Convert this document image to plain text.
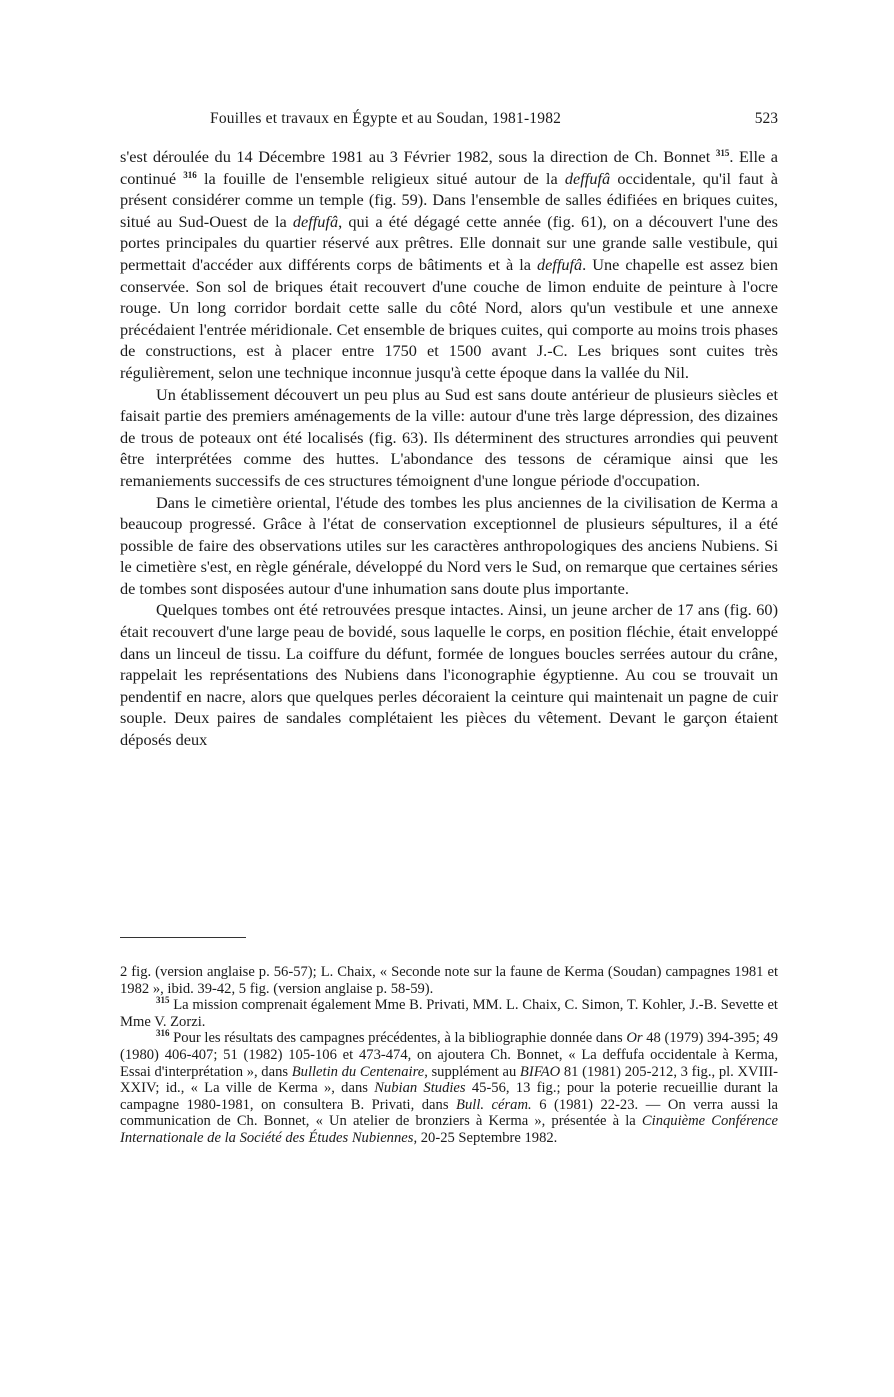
Fouilles et travaux en Égypte et au Soudan, 1981-1982	523

s'est déroulée du 14 Décembre 1981 au 3 Février 1982, sous la direction de Ch. Bonnet $^{315}$. Elle a continué $^{316}$ la fouille de l'ensemble religieux situé autour de la deffufâ occidentale, qu'il faut à présent considérer comme un temple (fig. 59). Dans l'ensemble de salles édifiées en briques cuites, situé au Sud-Ouest de la deffufâ, qui a été dégagé cette année (fig. 61), on a découvert l'une des portes principales du quartier réservé aux prêtres. Elle donnait sur une grande salle vestibule, qui permettait d'accéder aux différents corps de bâtiments et à la deffufâ. Une chapelle est assez bien conservée. Son sol de briques était recouvert d'une couche de limon enduite de peinture à l'ocre rouge. Un long corridor bordait cette salle du côté Nord, alors qu'un vestibule et une annexe précédaient l'entrée méridionale. Cet ensemble de briques cuites, qui comporte au moins trois phases de constructions, est à placer entre 1750 et 1500 avant J.-C. Les briques sont cuites très régulièrement, selon une technique inconnue jusqu'à cette époque dans la vallée du Nil.

Un établissement découvert un peu plus au Sud est sans doute antérieur de plusieurs siècles et faisait partie des premiers aménagements de la ville: autour d'une très large dépression, des dizaines de trous de poteaux ont été localisés (fig. 63). Ils déterminent des structures arrondies qui peuvent être interprétées comme des huttes. L'abondance des tessons de céramique ainsi que les remaniements successifs de ces structures témoignent d'une longue période d'occupation.

Dans le cimetière oriental, l'étude des tombes les plus anciennes de la civilisation de Kerma a beaucoup progressé. Grâce à l'état de conservation exceptionnel de plusieurs sépultures, il a été possible de faire des observations utiles sur les caractères anthropologiques des anciens Nubiens. Si le cimetière s'est, en règle générale, développé du Nord vers le Sud, on remarque que certaines séries de tombes sont disposées autour d'une inhumation sans doute plus importante.

Quelques tombes ont été retrouvées presque intactes. Ainsi, un jeune archer de 17 ans (fig. 60) était recouvert d'une large peau de bovidé, sous laquelle le corps, en position fléchie, était enveloppé dans un linceul de tissu. La coiffure du défunt, formée de longues boucles serrées autour du crâne, rappelait les représentations des Nubiens dans l'iconographie égyptienne. Au cou se trouvait un pendentif en nacre, alors que quelques perles décoraient la ceinture qui maintenait un pagne de cuir souple. Deux paires de sandales complétaient les pièces du vêtement. Devant le garçon étaient déposés deux

2 fig. (version anglaise p. 56-57); L. Chaix, « Seconde note sur la faune de Kerma (Soudan) campagnes 1981 et 1982 », ibid. 39-42, 5 fig. (version anglaise p. 58-59).

$^{315}$ La mission comprenait également Mme B. Privati, MM. L. Chaix, C. Simon, T. Kohler, J.-B. Sevette et Mme V. Zorzi.

$^{316}$ Pour les résultats des campagnes précédentes, à la bibliographie donnée dans Or 48 (1979) 394-395; 49 (1980) 406-407; 51 (1982) 105-106 et 473-474, on ajoutera Ch. Bonnet, « La deffufa occidentale à Kerma, Essai d'interprétation », dans Bulletin du Centenaire, supplément au BIFAO 81 (1981) 205-212, 3 fig., pl. XVIII-XXIV; id., « La ville de Kerma », dans Nubian Studies 45-56, 13 fig.; pour la poterie recueillie durant la campagne 1980-1981, on consultera B. Privati, dans Bull. céram. 6 (1981) 22-23. — On verra aussi la communication de Ch. Bonnet, « Un atelier de bronziers à Kerma », présentée à la Cinquième Conférence Internationale de la Société des Études Nubiennes, 20-25 Septembre 1982.
